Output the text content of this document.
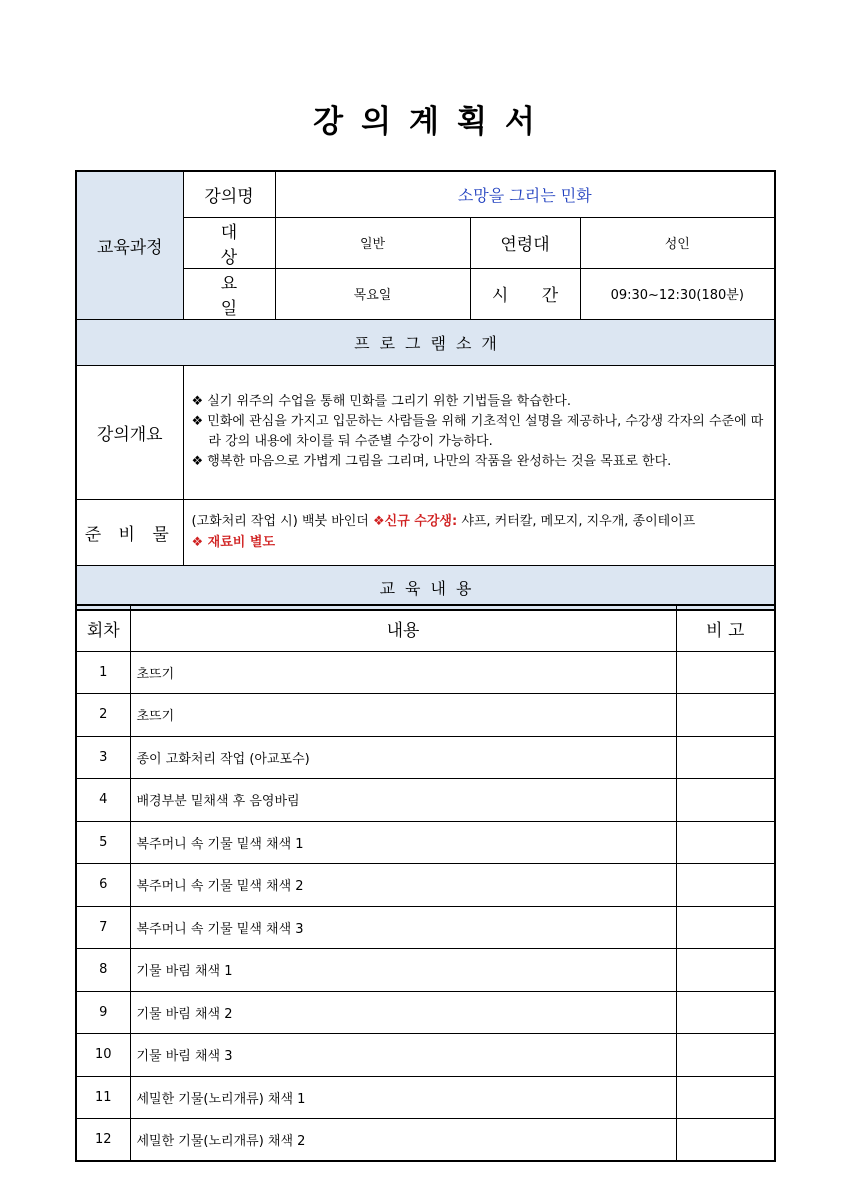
강의계획서
교육과정	강의명	소망을 그리는 민화		
	대 상	일반	연령대	성인
	요 일	목요일	시 간	09:30~12:30(180분)
프로그램소개				
강의개요	❖ 실기 위주의 수업을 통해 민화를 그리기 위한 기법들을 학습한다.
❖ 민화에 관심을 가지고 입문하는 사람들을 위해 기초적인 설명을 제공하나, 수강생 각자의 수준에 따라 강의 내용에 차이를 둬 수준별 수강이 가능하다.
❖ 행복한 마음으로 가볍게 그림을 그리며, 나만의 작품을 완성하는 것을 목표로 한다.			

준 비 물	(고화처리 작업 시) 백붓 바인더 ❖신규 수강생: 샤프, 커터칼, 메모지, 지우개, 종이테이프
❖ 재료비 별도			
교육내용				
회차	내용	비 고
1	초뜨기	
2	초뜨기	
3	종이 고화처리 작업 (아교포수)	
4	배경부분 밑채색 후 음영바림	
5	복주머니 속 기물 밑색 채색 1	
6	복주머니 속 기물 밑색 채색 2	
7	복주머니 속 기물 밑색 채색 3	
8	기물 바림 채색 1	
9	기물 바림 채색 2	
10	기물 바림 채색 3	
11	세밀한 기물(노리개류) 채색 1	
12	세밀한 기물(노리개류) 채색 2	
